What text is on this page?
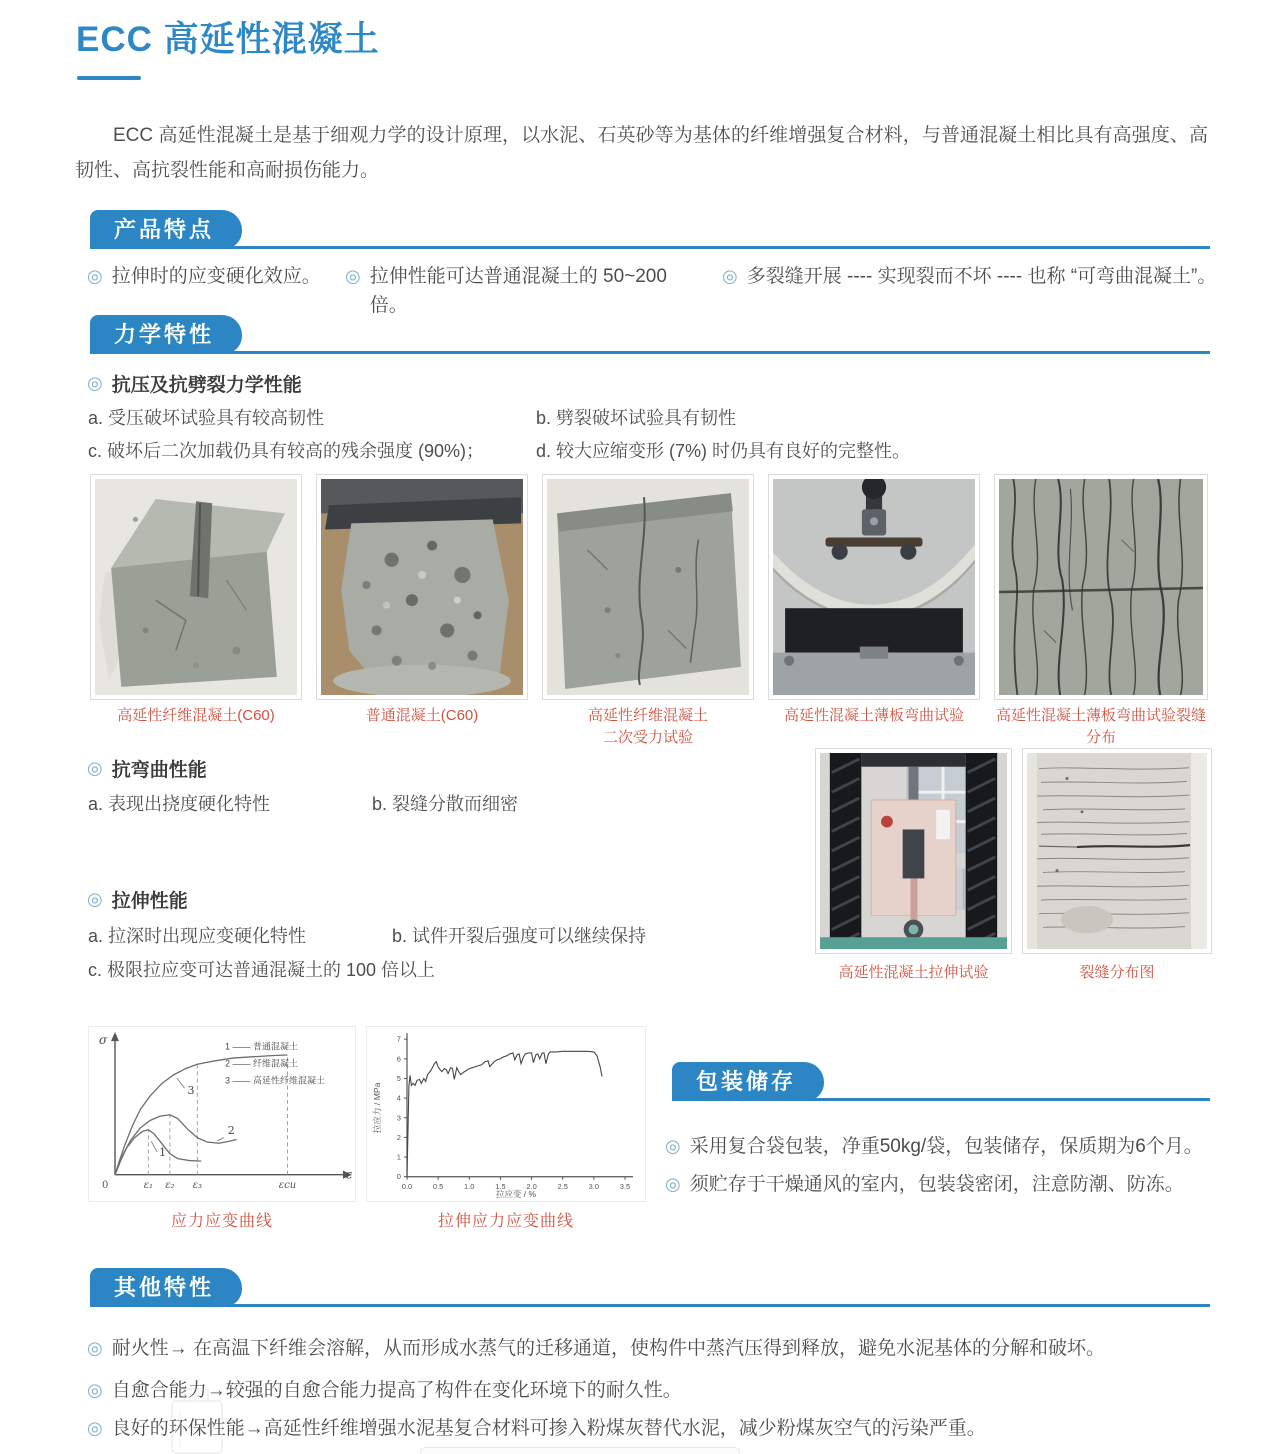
ECC 高延性混凝土

ECC 高延性混凝土是基于细观力学的设计原理，以水泥、石英砂等为基体的纤维增强复合材料，与普通混凝土相比具有高强度、高韧性、高抗裂性能和高耐损伤能力。

产品特点
◎ 拉伸时的应变硬化效应。 ◎ 拉伸性能可达普通混凝土的 50~200 倍。
◎ 多裂缝开展 ---- 实现裂而不坏 ---- 也称 “可弯曲混凝土”。
力学特性
◎ 抗压及抗劈裂力学性能
a. 受压破坏试验具有较高韧性	b. 劈裂破坏试验具有韧性
c. 破坏后二次加载仍具有较高的残余强度 (90%)；	d. 较大应缩变形 (7%) 时仍具有良好的完整性。
高延性纤维混凝土(C60)	普通混凝土(C60)	高延性纤维混凝土
二次受力试验
高延性混凝土薄板弯曲试验	高延性混凝土薄板弯曲试验裂缝分布
◎ 抗弯曲性能
a. 表现出挠度硬化特性	b. 裂缝分散而细密
◎ 拉伸性能
a. 拉深时出现应变硬化特性	b. 试件开裂后强度可以继续保持
c. 极限拉应变可达普通混凝土的 100 倍以上	高延性混凝土拉伸试验	裂缝分布图
0
σ
ε
ε₁ ε₂ ε₃	εcu
1
2
3
1 —— 普通混凝土
2 —— 纤维混凝土
3 —— 高延性纤维混凝土
应力应变曲线
0.0	0.5	1.0	1.5	2.0	2.5	3.0	3.5
0
1
2
3
4
5
6
7
拉应变 / %
拉应力 / MPa
拉伸应力应变曲线
包装储存
◎ 采用复合袋包装，净重50kg/袋，包装储存，保质期为6个月。
◎ 须贮存于干燥通风的室内，包装袋密闭，注意防潮、防冻。
其他特性
◎ 耐火性→ 在高温下纤维会溶解，从而形成水蒸气的迁移通道，使构件中蒸汽压得到释放，避免水泥基体的分解和破坏。
◎ 自愈合能力→较强的自愈合能力提高了构件在变化环境下的耐久性。
◎ 良好的环保性能→高延性纤维增强水泥基复合材料可掺入粉煤灰替代水泥，减少粉煤灰空气的污染严重。
